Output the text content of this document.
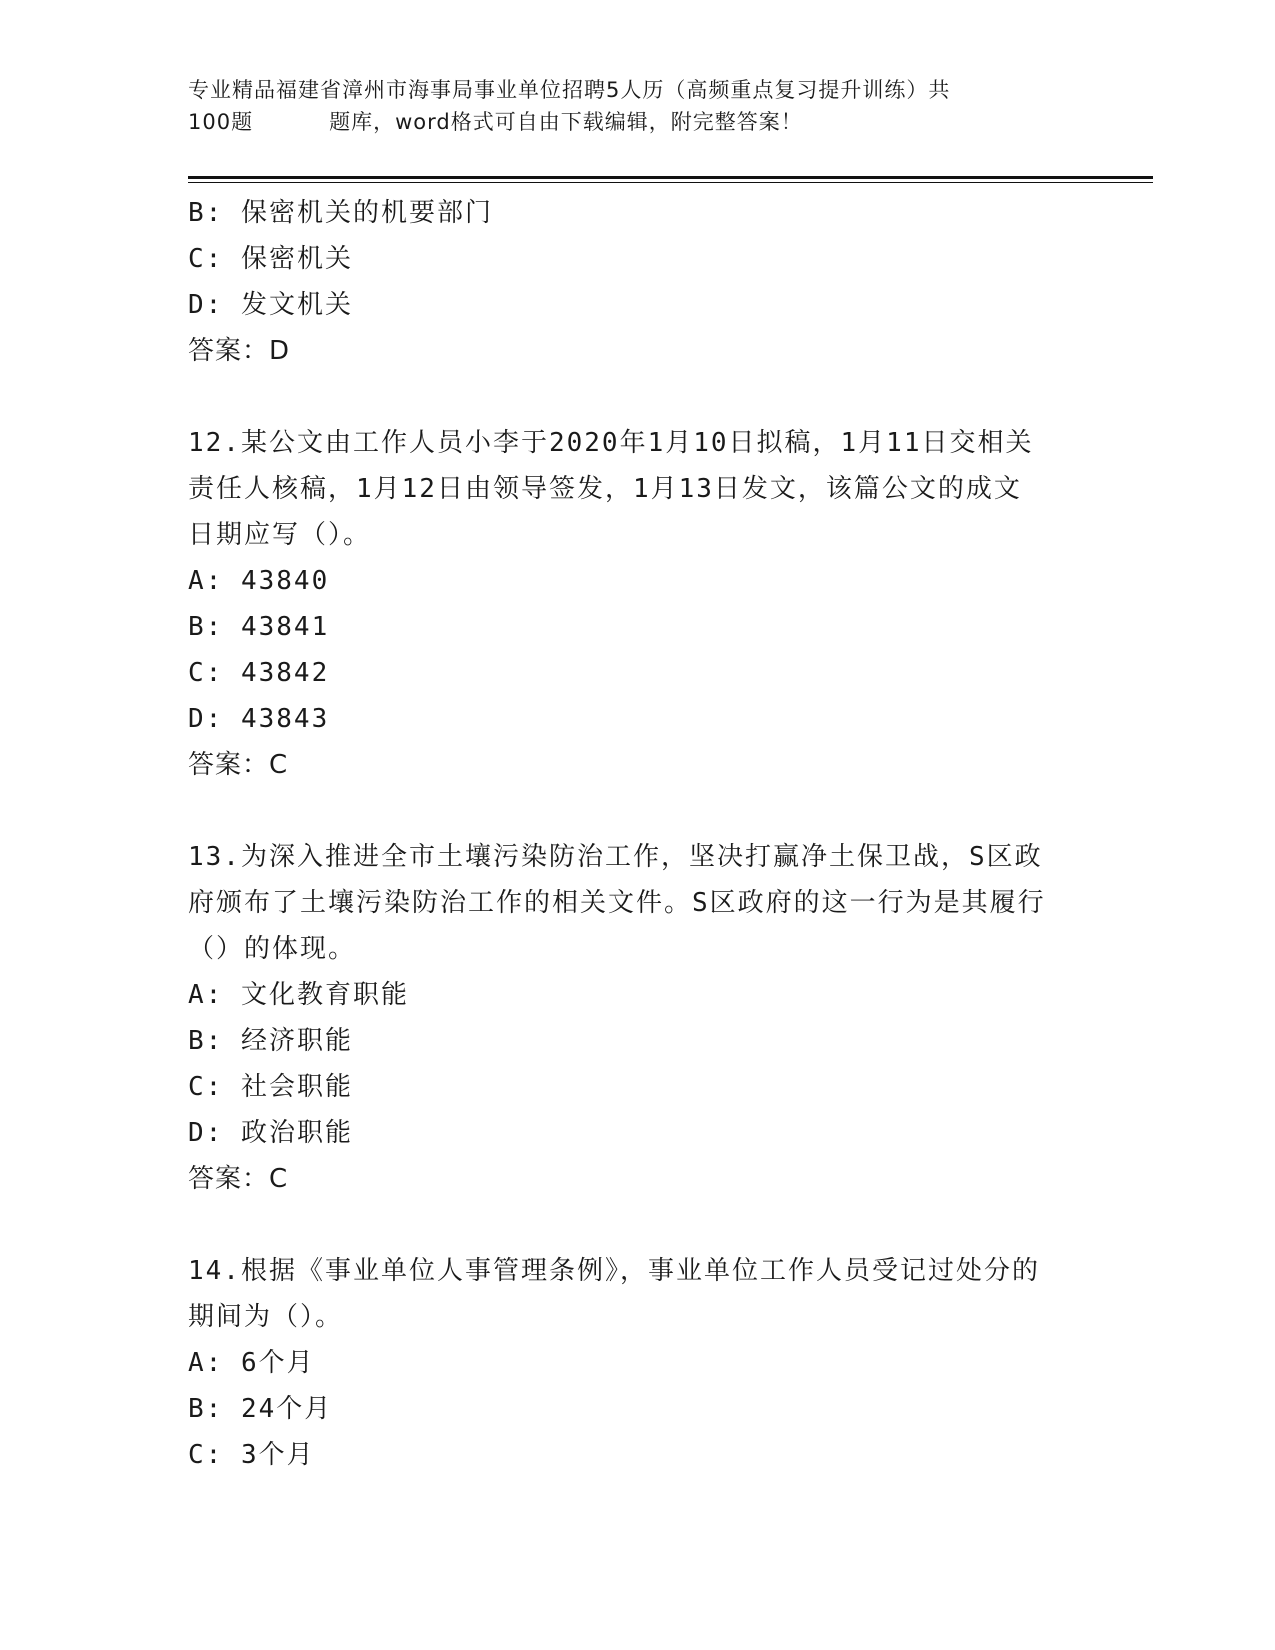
专业精品福建省漳州市海事局事业单位招聘5人历（高频重点复习提升训练）共
100题	题库，word格式可自由下载编辑，附完整答案！
B: 保密机关的机要部门
C: 保密机关
D: 发文机关
答案：D
12.某公文由工作人员小李于2020年1月10日拟稿，1月11日交相关
责任人核稿，1月12日由领导签发，1月13日发文，该篇公文的成文
日期应写（）。
A: 43840
B: 43841
C: 43842
D: 43843
答案：C
13.为深入推进全市土壤污染防治工作，坚决打赢净土保卫战，S区政
府颁布了土壤污染防治工作的相关文件。S区政府的这一行为是其履行
（）的体现。
A: 文化教育职能
B: 经济职能
C: 社会职能
D: 政治职能
答案：C
14.根据《事业单位人事管理条例》，事业单位工作人员受记过处分的
期间为（）。
A: 6个月
B: 24个月
C: 3个月
